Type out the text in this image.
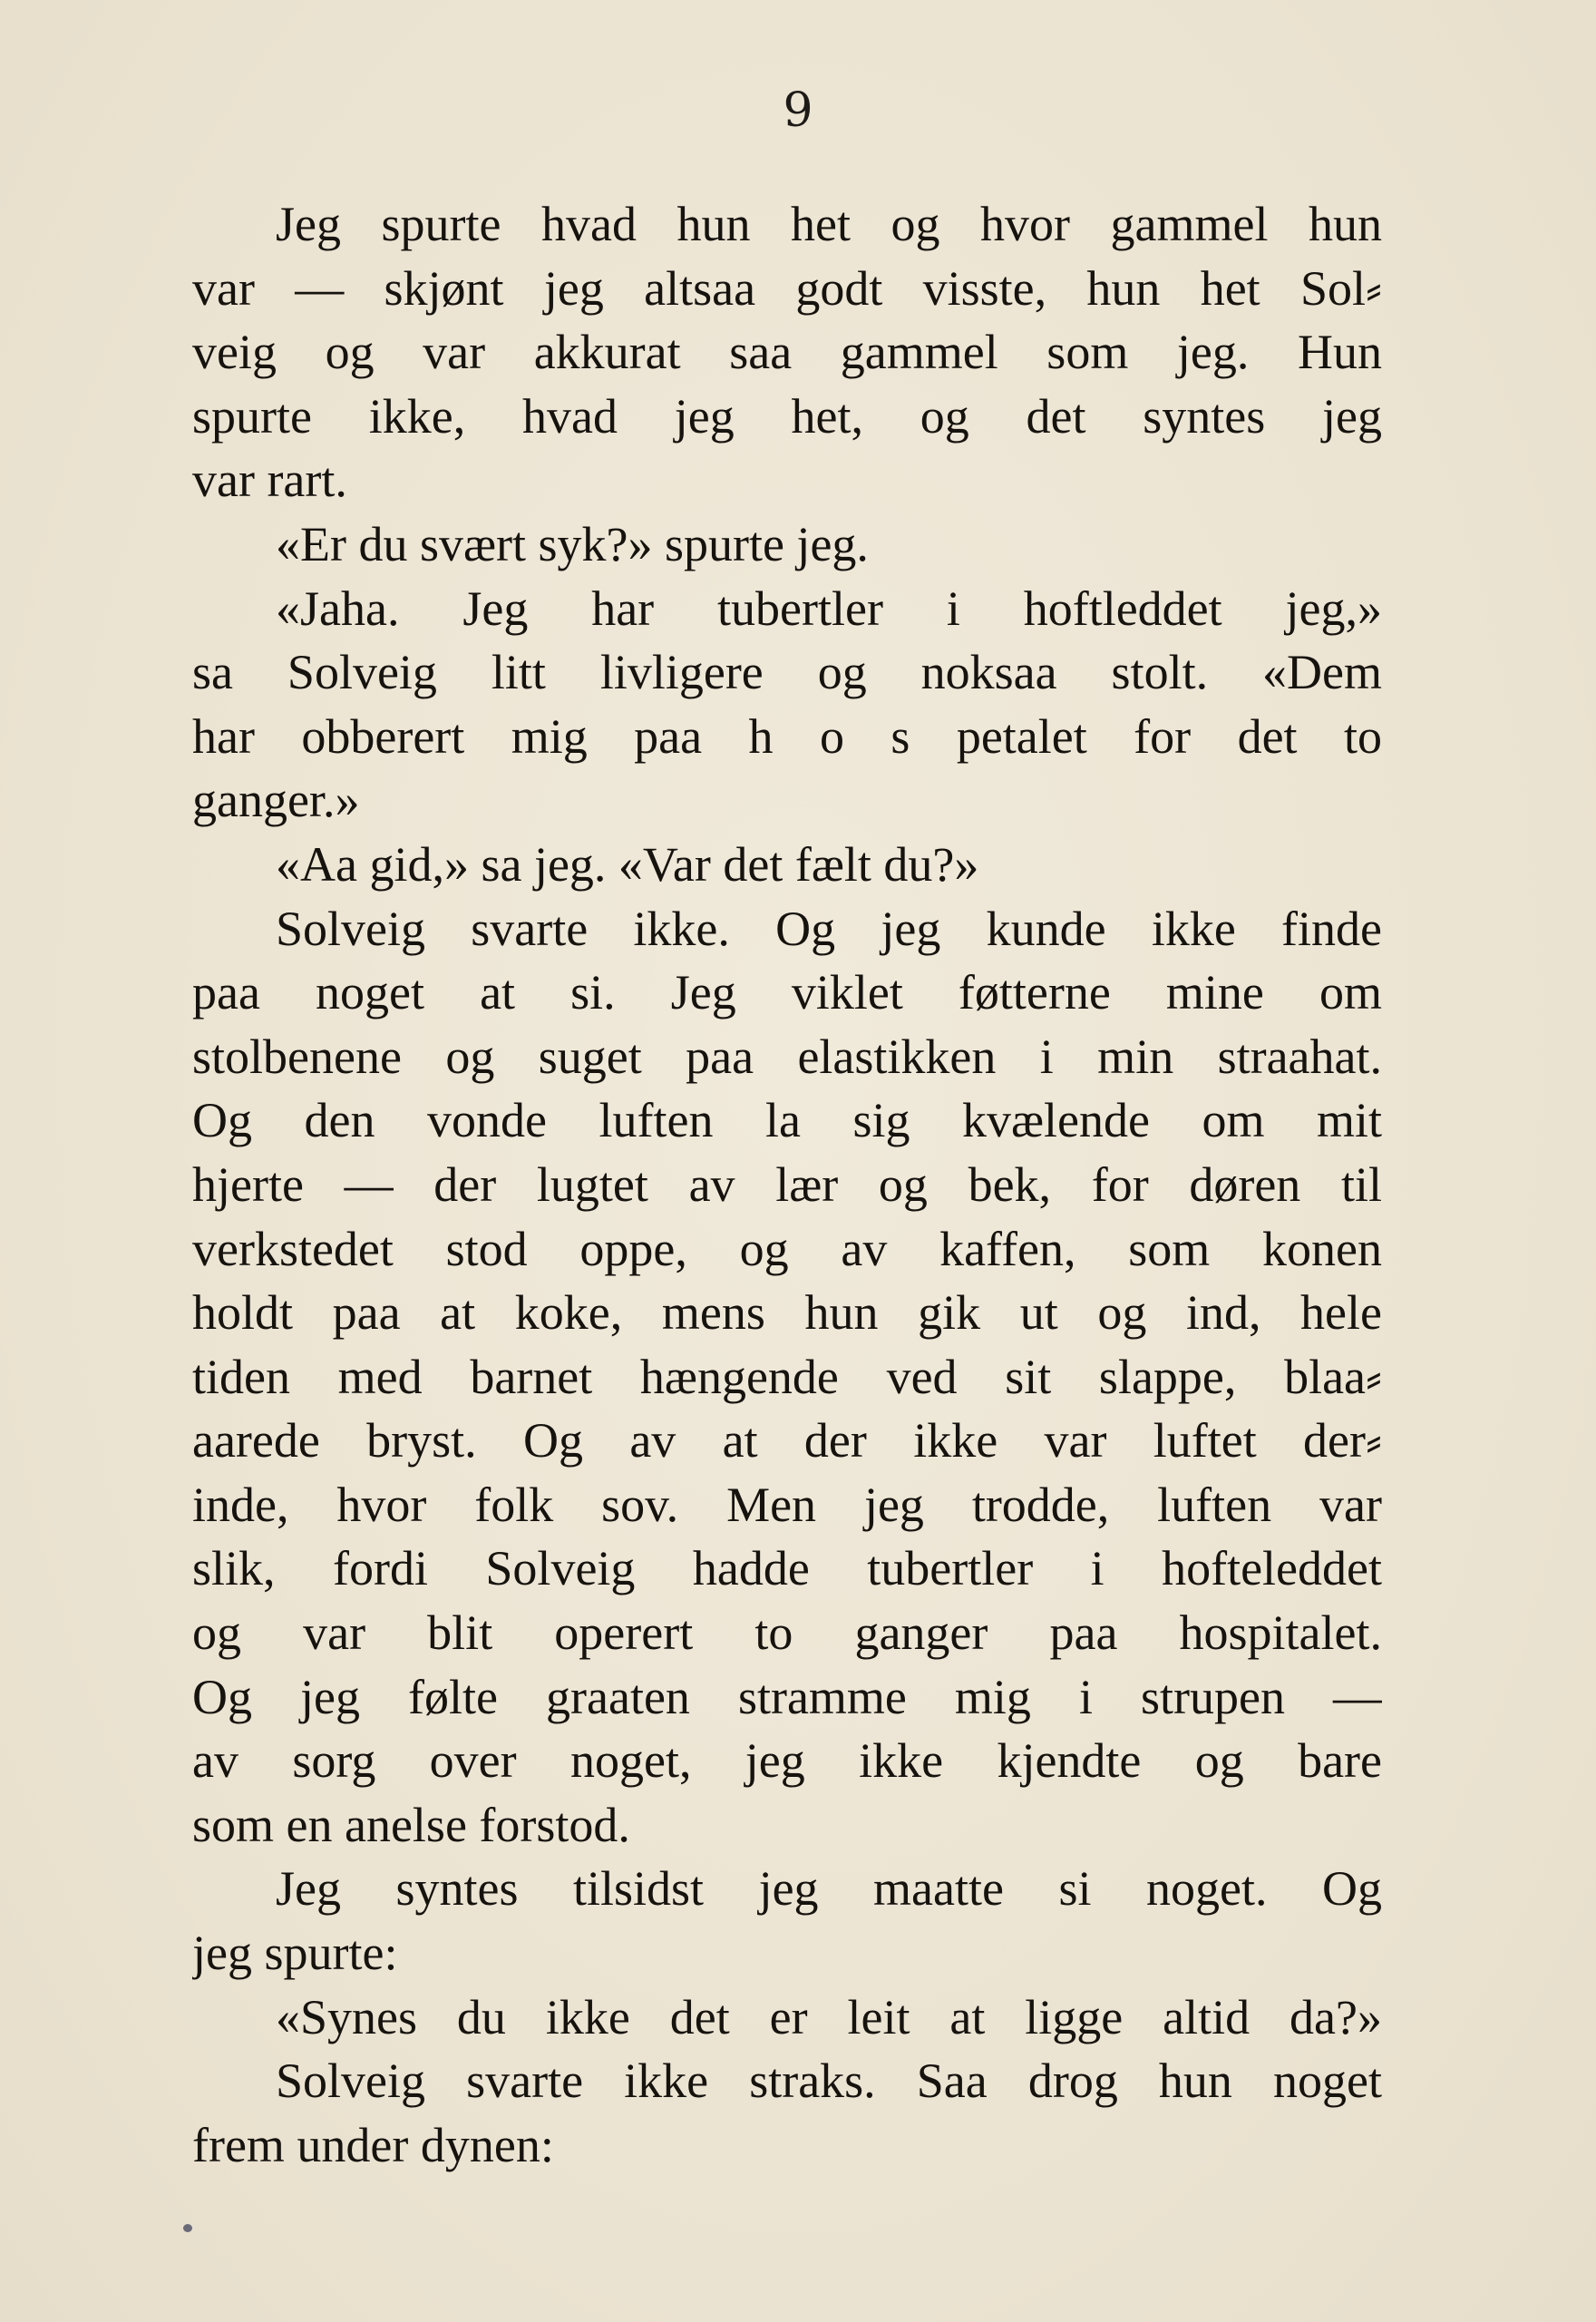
9
Jeg spurte hvad hun het og hvor gammel hun
var — skjønt jeg altsaa godt visste, hun het Sol⸗
veig og var akkurat saa gammel som jeg. Hun
spurte ikke, hvad jeg het, og det syntes jeg
var rart.
«Er du svært syk?» spurte jeg.
«Jaha. Jeg har tubertler i hoftleddet jeg,»
sa Solveig litt livligere og noksaa stolt. «Dem
har obberert mig paa h o s petalet for det to
ganger.»
«Aa gid,» sa jeg. «Var det fælt du?»
Solveig svarte ikke. Og jeg kunde ikke finde
paa noget at si. Jeg viklet føtterne mine om
stolbenene og suget paa elastikken i min straahat.
Og den vonde luften la sig kvælende om mit
hjerte — der lugtet av lær og bek, for døren til
verkstedet stod oppe, og av kaffen, som konen
holdt paa at koke, mens hun gik ut og ind, hele
tiden med barnet hængende ved sit slappe, blaa⸗
aarede bryst. Og av at der ikke var luftet der⸗
inde, hvor folk sov. Men jeg trodde, luften var
slik, fordi Solveig hadde tubertler i hofteleddet
og var blit operert to ganger paa hospitalet.
Og jeg følte graaten stramme mig i strupen —
av sorg over noget, jeg ikke kjendte og bare
som en anelse forstod.
Jeg syntes tilsidst jeg maatte si noget. Og
jeg spurte:
«Synes du ikke det er leit at ligge altid da?»
Solveig svarte ikke straks. Saa drog hun noget
frem under dynen:
